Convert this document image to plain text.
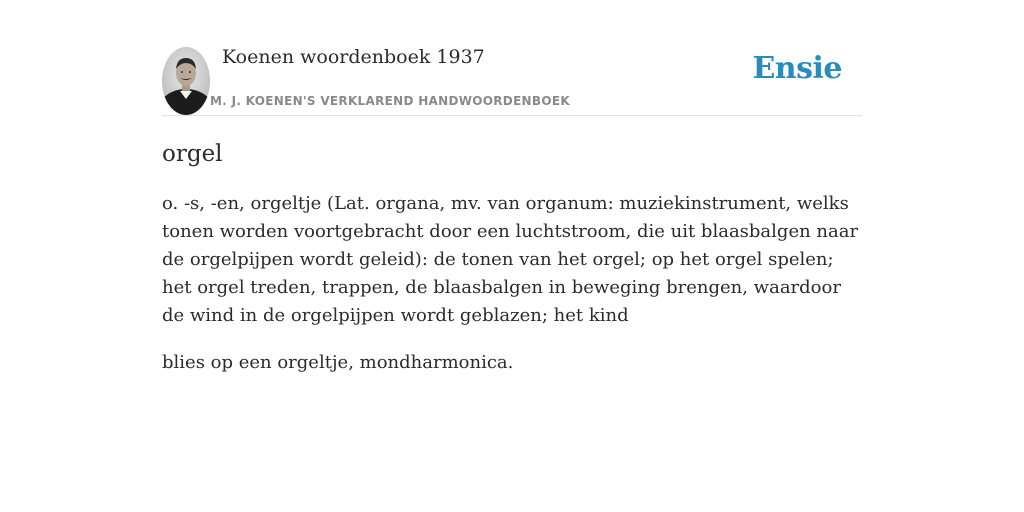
Koenen woordenboek 1937
M. J. KOENEN'S VERKLAREND HANDWOORDENBOEK
Ensie
orgel

o. -s, -en, orgeltje (Lat. organa, mv. van organum: muziekinstrument, welks tonen worden voortgebracht door een luchtstroom, die uit blaasbalgen naar de orgelpijpen wordt geleid): de tonen van het orgel; op het orgel spelen; het orgel treden, trappen, de blaasbalgen in beweging brengen, waardoor de wind in de orgelpijpen wordt geblazen; het kind

blies op een orgeltje, mondharmonica.
